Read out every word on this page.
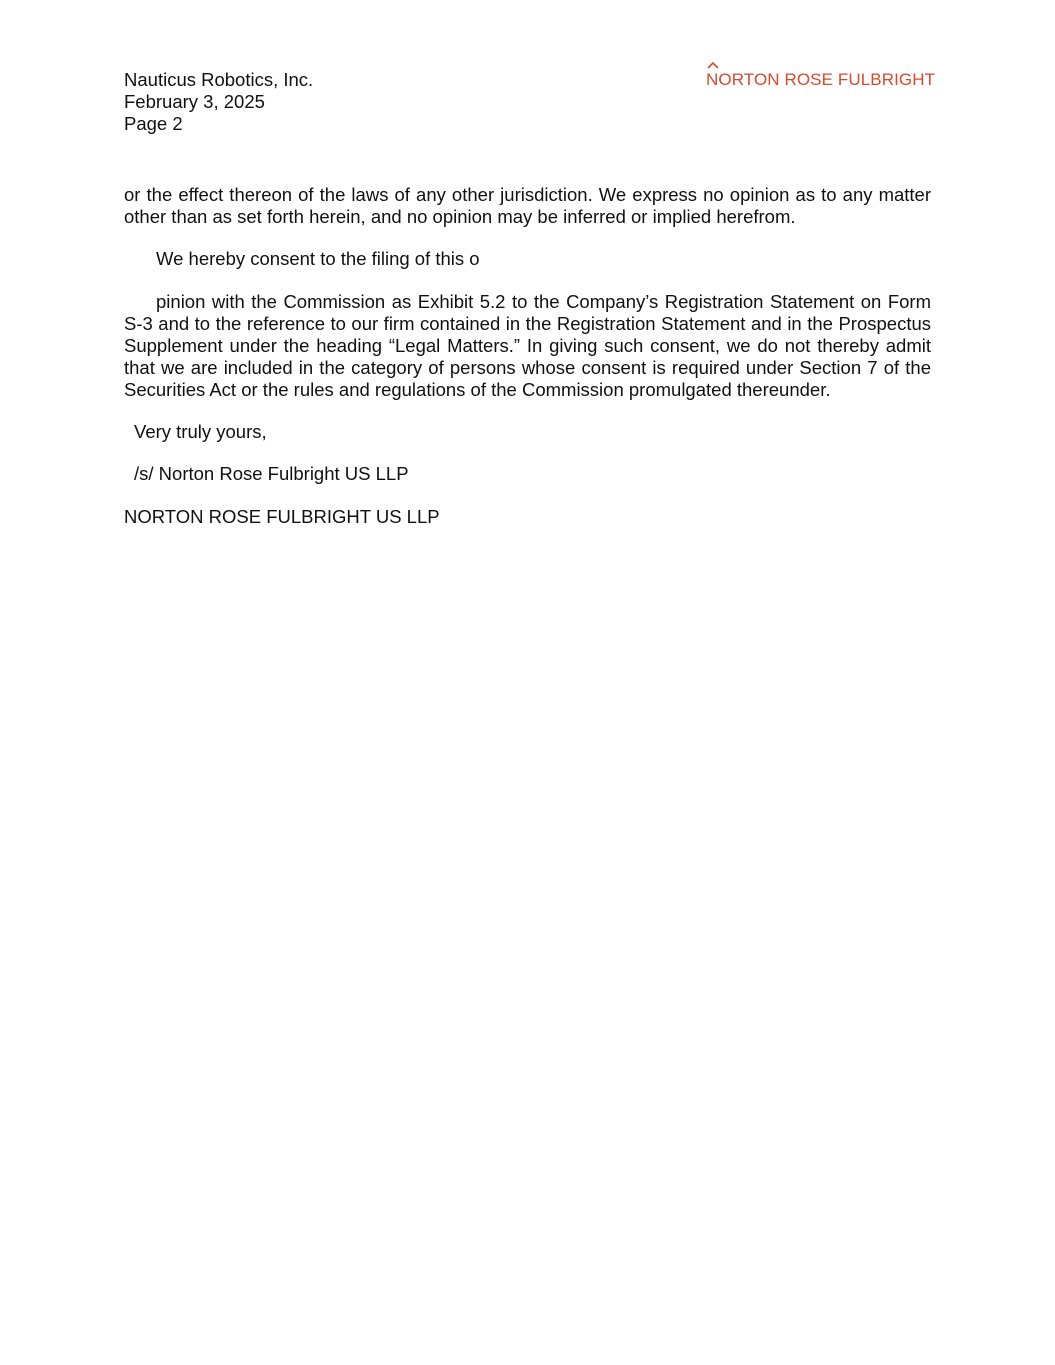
Nauticus Robotics, Inc.
February 3, 2025
Page 2
NORTON ROSE FULBRIGHT
or the effect thereon of the laws of any other jurisdiction. We express no opinion as to any matter other than as set forth herein, and no opinion may be inferred or implied herefrom.
We hereby consent to the filing of this o
pinion with the Commission as Exhibit 5.2 to the Company’s Registration Statement on Form S-3 and to the reference to our firm contained in the Registration Statement and in the Prospectus Supplement under the heading “Legal Matters.” In giving such consent, we do not thereby admit that we are included in the category of persons whose consent is required under Section 7 of the Securities Act or the rules and regulations of the Commission promulgated thereunder.
Very truly yours,
/s/ Norton Rose Fulbright US LLP
NORTON ROSE FULBRIGHT US LLP
